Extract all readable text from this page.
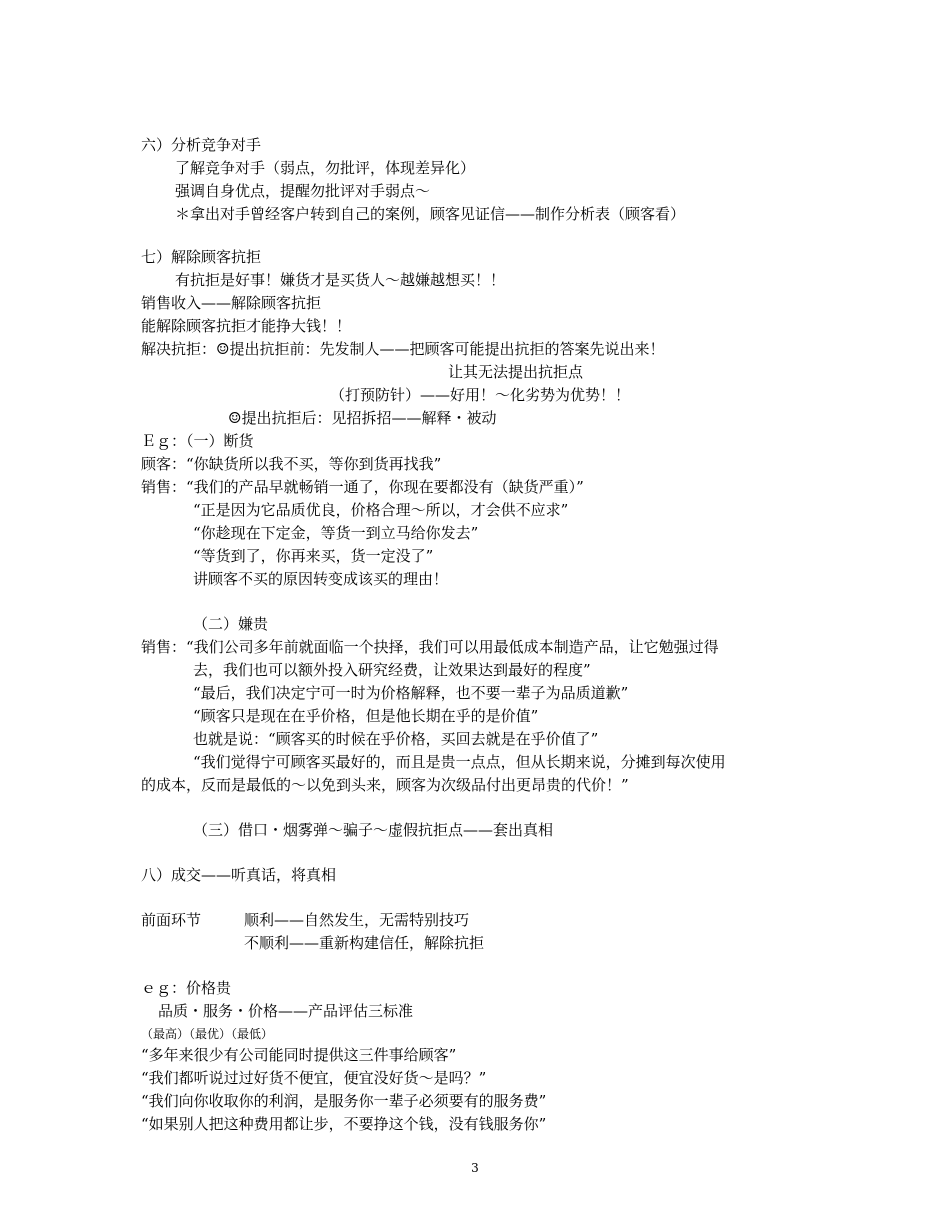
六）分析竞争对手
了解竞争对手（弱点，勿批评，体现差异化）
强调自身优点，提醒勿批评对手弱点～
＊拿出对手曾经客户转到自己的案例，顾客见证信——制作分析表（顾客看）
七）解除顾客抗拒
有抗拒是好事！嫌货才是买货人～越嫌越想买！！
销售收入——解除顾客抗拒
能解除顾客抗拒才能挣大钱！！
解决抗拒：☺提出抗拒前：先发制人——把顾客可能提出抗拒的答案先说出来！
让其无法提出抗拒点
（打预防针）——好用！～化劣势为优势！！
☺提出抗拒后：见招拆招——解释・被动
Ｅｇ：（一）断货
顾客：“你缺货所以我不买，等你到货再找我”
销售：“我们的产品早就畅销一通了，你现在要都没有（缺货严重）”
“正是因为它品质优良，价格合理～所以，才会供不应求”
“你趁现在下定金，等货一到立马给你发去”
“等货到了，你再来买，货一定没了”
讲顾客不买的原因转变成该买的理由！
（二）嫌贵
销售：“我们公司多年前就面临一个抉择，我们可以用最低成本制造产品，让它勉强过得
去，我们也可以额外投入研究经费，让效果达到最好的程度”
“最后，我们决定宁可一时为价格解释，也不要一辈子为品质道歉”
“顾客只是现在在乎价格，但是他长期在乎的是价值”
也就是说：“顾客买的时候在乎价格，买回去就是在乎价值了”
“我们觉得宁可顾客买最好的，而且是贵一点点，但从长期来说，分摊到每次使用
的成本，反而是最低的～以免到头来，顾客为次级品付出更昂贵的代价！”
（三）借口・烟雾弹～骗子～虚假抗拒点——套出真相
八）成交——听真话，将真相
前面环节	顺利——自然发生，无需特别技巧
不顺利——重新构建信任，解除抗拒
ｅｇ：价格贵
品质・服务・价格——产品评估三标准
（最高）（最优）（最低）
“多年来很少有公司能同时提供这三件事给顾客”
“我们都听说过过好货不便宜，便宜没好货～是吗？”
“我们向你收取你的利润，是服务你一辈子必须要有的服务费”
“如果别人把这种费用都让步，不要挣这个钱，没有钱服务你”
3
